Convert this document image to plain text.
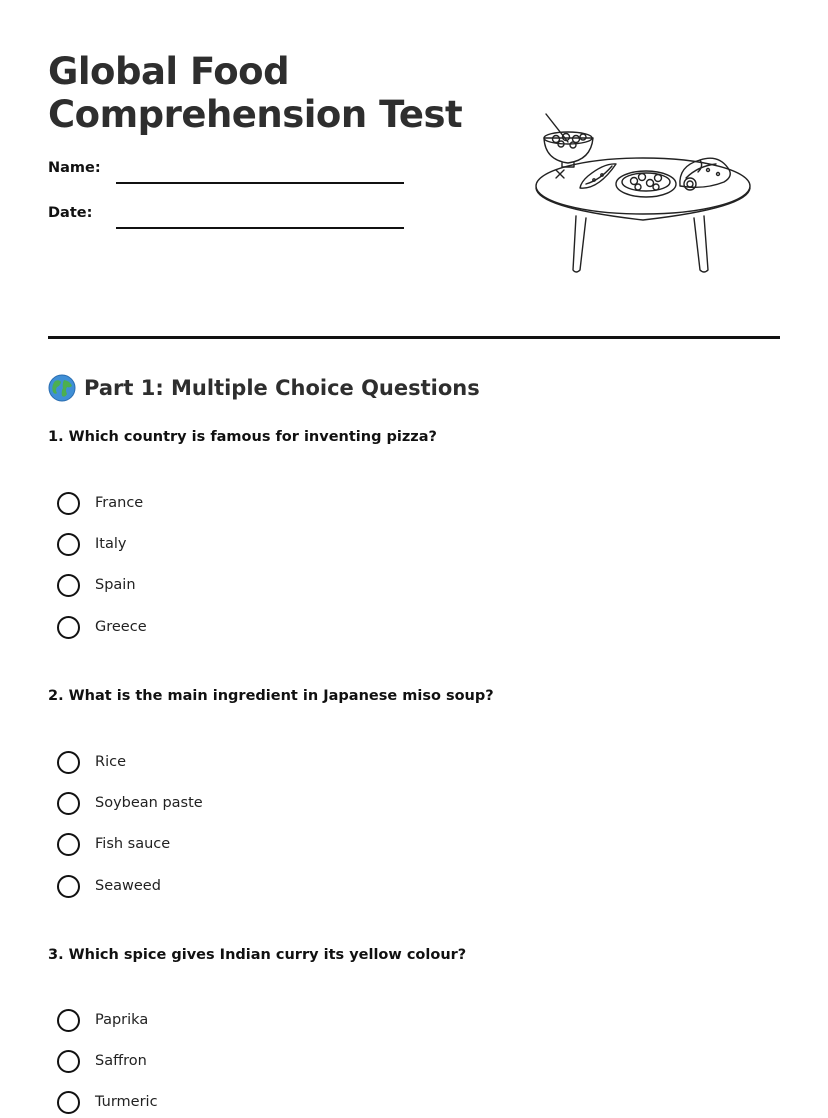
Global Food
Comprehension Test
Name:
Date:
Part 1: Multiple Choice Questions

1. Which country is famous for inventing pizza?

France
Italy
Spain
Greece

2. What is the main ingredient in Japanese miso soup?

Rice
Soybean paste
Fish sauce
Seaweed

3. Which spice gives Indian curry its yellow colour?

Paprika
Saffron
Turmeric
